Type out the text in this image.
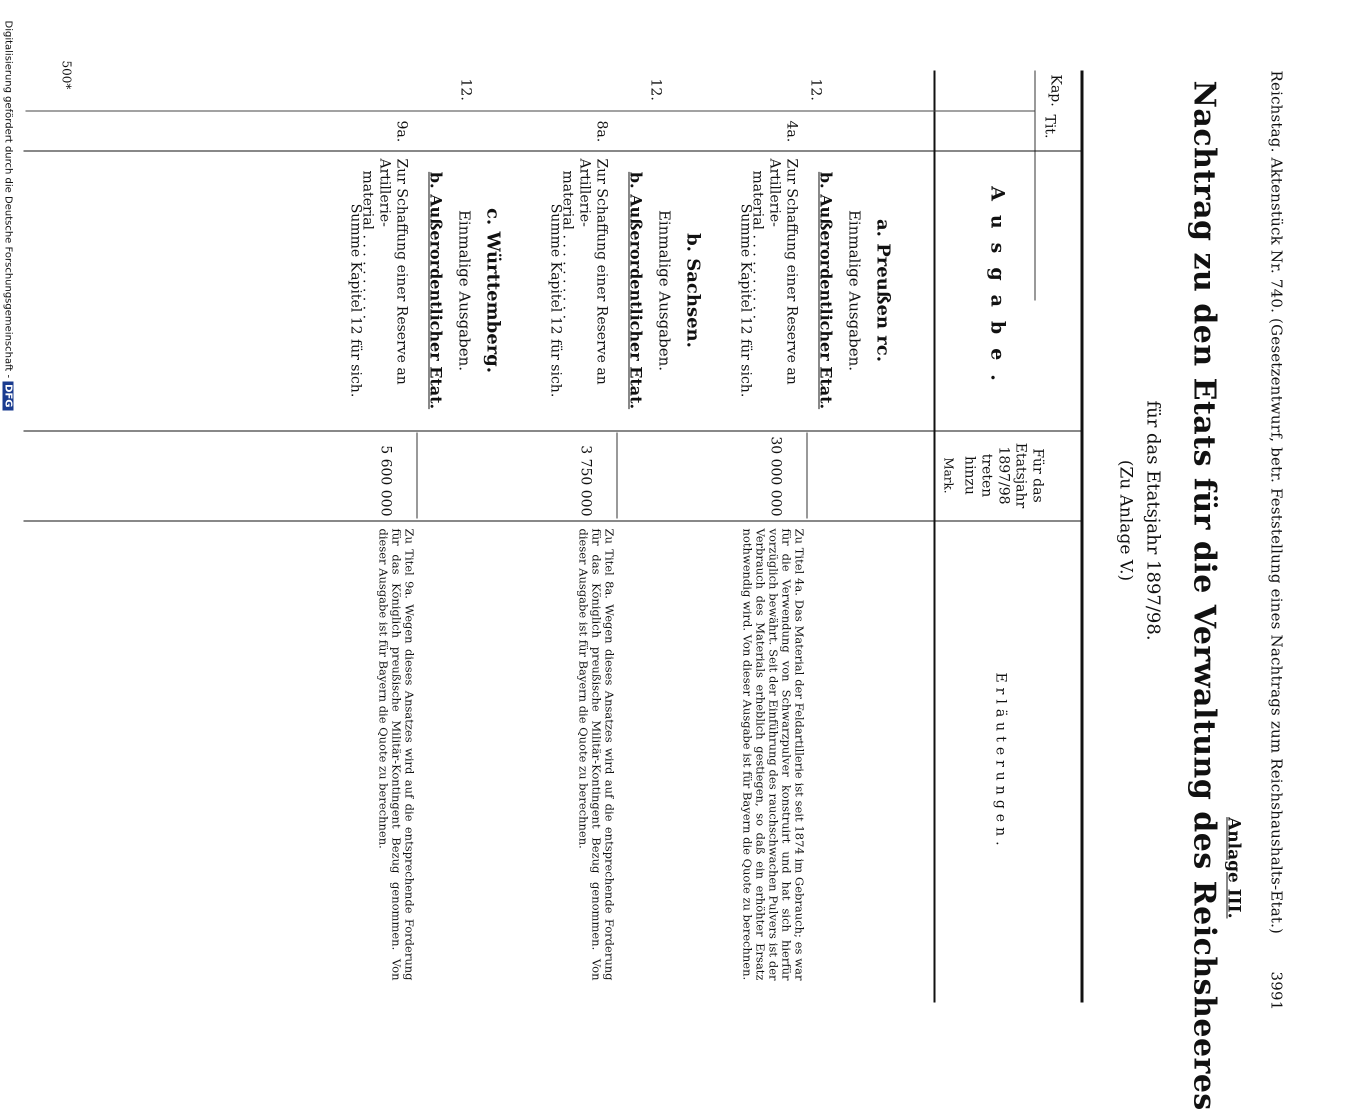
Reichstag. Aktenstück Nr. 740. (Gesetzentwurf, betr. Feststellung eines Nachtrags zum Reichshaushalts-Etat.)
3991
Anlage III.
Nachtrag zu den Etats für die Verwaltung des Reichsheeres
für das Etatsjahr 1897/98.
(Zu Anlage V.)
Kap.
Tit.
Ausgabe.
Für das
Etatsjahr
1897/98
treten hinzu
Mark.
Erläuterungen.
a. Preußen rc.
Einmalige Ausgaben.
b. Außerordentlicher Etat.
12.
4a.
Zur Schaffung einer Reserve an Artillerie-
material . . . . . . . . . .
Summe Kapitel 12 für sich.
30 000 000
Zu Titel 4a. Das Material der Feldartillerie ist seit 1874 im Gebrauch; es war für die Verwendung von Schwarzpulver konstruirt und hat sich hierfür vorzüglich bewährt. Seit der Einführung des rauchschwachen Pulvers ist der Verbrauch des Materials erheblich gestiegen, so daß ein erhöhter Ersatz nothwendig wird. Von dieser Ausgabe ist für Bayern die Quote zu berechnen.
b. Sachsen.
Einmalige Ausgaben.
b. Außerordentlicher Etat.
12.
8a.
Zur Schaffung einer Reserve an Artillerie-
material . . . . . . . . . .
Summe Kapitel 12 für sich.
3 750 000
Zu Titel 8a. Wegen dieses Ansatzes wird auf die entsprechende Forderung für das Königlich preußische Militär-Kontingent Bezug genommen. Von dieser Ausgabe ist für Bayern die Quote zu berechnen.
c. Württemberg.
Einmalige Ausgaben.
b. Außerordentlicher Etat.
12.
9a.
Zur Schaffung einer Reserve an Artillerie-
material . . . . . . . . . .
Summe Kapitel 12 für sich.
5 600 000
Zu Titel 9a. Wegen dieses Ansatzes wird auf die entsprechende Forderung für das Königlich preußische Militär-Kontingent Bezug genommen. Von dieser Ausgabe ist für Bayern die Quote zu berechnen.
500*
Digitalisierung gefördert durch die Deutsche Forschungsgemeinschaft -DFG
